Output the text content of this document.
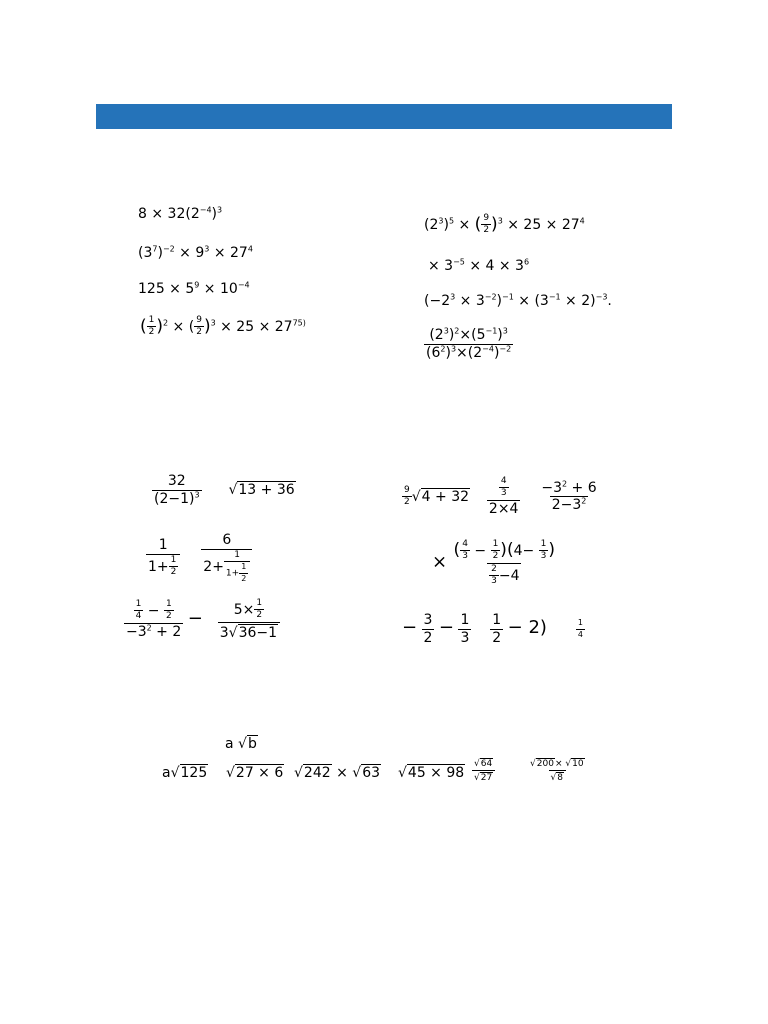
$8 \times 32(2^{-4})^3$
$(3^7)^{-2} \times 9^3 \times 27^4$
$125 \times 5^9 \times 10^{-4}$
( $\frac{1}{2} )^2$ × ( $\frac{9}{2} )^3 \times 25 \times 27^{75)}$
$(2^3)^5$ × ( $\frac{9}{2} )^3 \times 25 \times 27^4$
× $3^{-5} \times 4 \times 3^6$
$(-2^3 \times 3^{-2})^{-1} \times (3^{-1} \times 2)^{-3}$.
$\frac{(2^3)^2\times(5^{-1})^3}{(6^2)^3\times(2^{-4})^{-2}}$
$\frac{32}{(2-1)^3} √13 + 36$
$\frac{1}{1+ \frac{1}{2}}$
$\frac{6}{2+ \frac{1}{1+ \frac{1}{2}}}$
$\frac{\frac{1}{4} - \frac{1}{2}}{-3^2 + 2} - \frac{5\times \frac{1}{2}}{3√36-1}$
$\frac{9}{2} √4 + 32 \frac{\frac{4}{3}}{2\times 4}$
$\frac{-3^2 + 6}{2-3^2}$
× $\frac{( \frac{4}{3} - \frac{1}{2} )(4- \frac{1}{3} )}{\frac{2}{3} -4}$
− $\frac{3}{2} - \frac{1}{3}$
$\frac{1}{2} - 2$)	$\frac{1}{4}$
a √b
a√125 √27 × 6 √242 × √63 $√45 \times 98 \frac{√64}{√27}$	$\frac{√200\times √10}{√8}$
